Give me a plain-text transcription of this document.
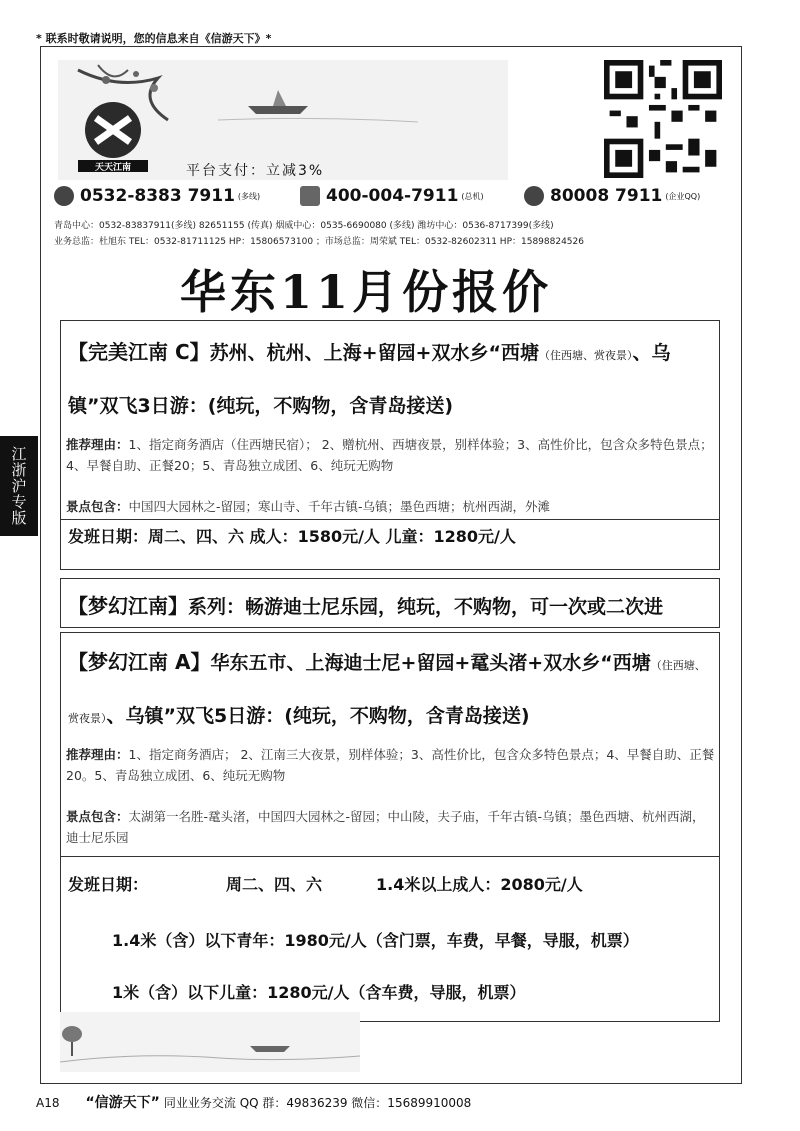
* 联系时敬请说明，您的信息来自《信游天下》*
江浙沪专版
天天江南	平台支付：立减3%
0532-8383 7911 (多线)	400-004-7911 (总机)	80008 7911 (企业QQ)
青岛中心：0532-83837911(多线) 82651155 (传真) 烟威中心：0535-6690080 (多线) 潍坊中心：0536-8717399(多线)
业务总监：杜旭东 TEL：0532-81711125 HP：15806573100 ；市场总监：周荣斌 TEL：0532-82602311 HP：15898824526
华东11月份报价
【完美江南 C】苏州、杭州、上海+留园+双水乡“西塘（住西塘、赏夜景）、乌
镇”双飞3日游：(纯玩，不购物，含青岛接送)
推荐理由：1、指定商务酒店（住西塘民宿）； 2、赠杭州、西塘夜景，别样体验；3、高性价比，包含众多特色景点；4、早餐自助、正餐20；5、青岛独立成团、6、纯玩无购物
景点包含：中国四大园林之-留园；寒山寺、千年古镇-乌镇；墨色西塘；杭州西湖，外滩
发班日期：周二、四、六 成人：1580元/人 儿童：1280元/人
【梦幻江南】系列：畅游迪士尼乐园，纯玩，不购物，可一次或二次进
【梦幻江南 A】华东五市、上海迪士尼+留园+鼋头渚+双水乡“西塘（住西塘、
赏夜景）、乌镇”双飞5日游：(纯玩，不购物，含青岛接送)
推荐理由：1、指定商务酒店； 2、江南三大夜景，别样体验；3、高性价比，包含众多特色景点；4、早餐自助、正餐20。5、青岛独立成团、6、纯玩无购物
景点包含：太湖第一名胜-鼋头渚，中国四大园林之-留园；中山陵，夫子庙，千年古镇-乌镇；墨色西塘、杭州西湖，迪士尼乐园
发班日期：	周二、四、六	1.4米以上成人：2080元/人
1.4米（含）以下青年：1980元/人（含门票，车费，早餐，导服，机票）
1米（含）以下儿童：1280元/人（含车费，导服，机票）
A18 “信游天下” 同业业务交流 QQ 群：49836239 微信：15689910008
